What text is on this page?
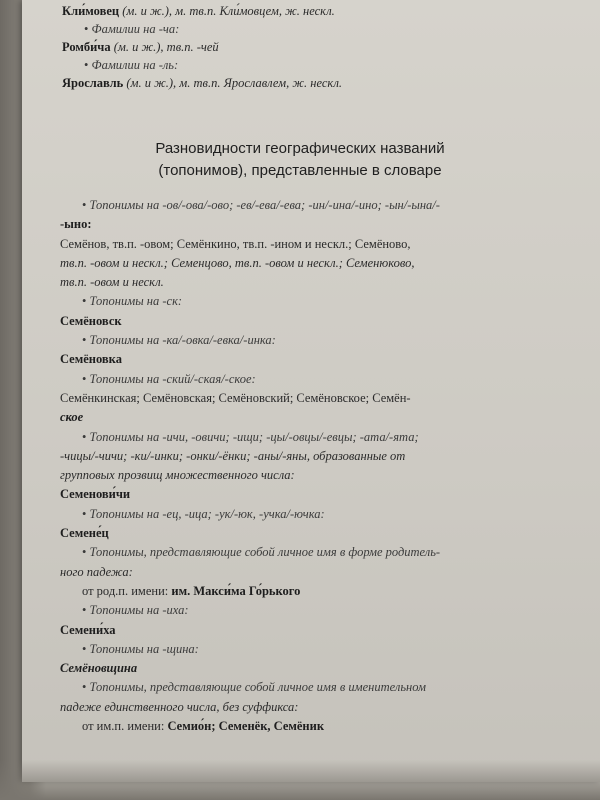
Кли́мовец (м. и ж.), м. тв.п. Кли́мовцем, ж. нескл.
• Фамилии на -ча:
Ромби́ча (м. и ж.), тв.п. -чей
• Фамилии на -ль:
Ярославль (м. и ж.), м. тв.п. Ярославлем, ж. нескл.
Разновидности географических названий
(топонимов), представленные в словаре
• Топонимы на -ов/-ова/-ово; -ев/-ева/-ева; -ин/-ина/-ино; -ын/-ына/-
-ыно:
Семёнов, тв.п. -овом; Семёнкино, тв.п. -ином и нескл.; Семёново,
тв.п. -овом и нескл.; Семенцово, тв.п. -овом и нескл.; Семенюково,
тв.п. -овом и нескл.
• Топонимы на -ск:
Семёновск
• Топонимы на -ка/-овка/-евка/-инка:
Семёновка
• Топонимы на -ский/-ская/-ское:
Семёнкинская; Семёновская; Семёновский; Семёновское; Семён-
ское
• Топонимы на -ичи, -овичи; -ищи; -цы/-овцы/-евцы; -ата/-ята;
-чицы/-чичи; -ки/-инки; -онки/-ёнки; -аны/-яны, образованные от
групповых прозвищ множественного числа:
Семенови́чи
• Топонимы на -ец, -ица; -ук/-юк, -учка/-ючка:
Семене́ц
• Топонимы, представляющие собой личное имя в форме родитель-
ного падежа:
от род.п. имени: им. Макси́ма Го́рького
• Топонимы на -иха:
Семени́ха
• Топонимы на -щина:
Семёновщина
• Топонимы, представляющие собой личное имя в именительном
падеже единственного числа, без суффикса:
от им.п. имени: Семио́н; Семенёк, Семёник
